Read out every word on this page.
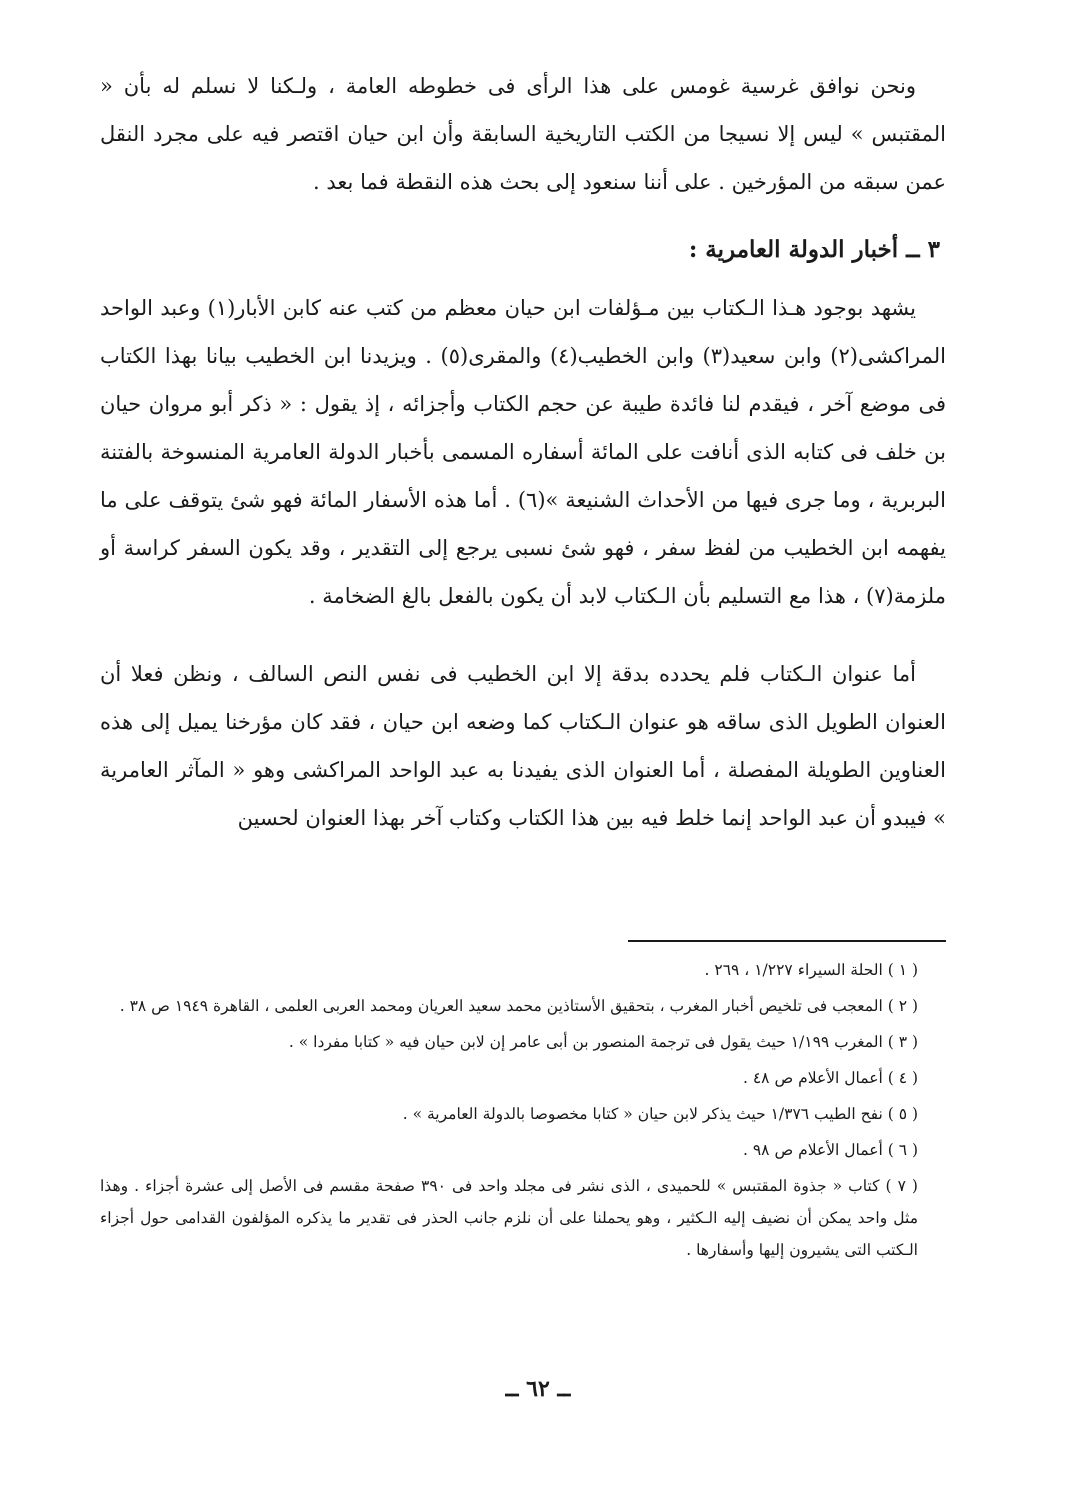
ونحن نوافق غرسية غومس على هذا الرأى فى خطوطه العامة ، ولـكنا لا نسلم له بأن « المقتبس » ليس إلا نسيجا من الكتب التاريخية السابقة وأن ابن حيان اقتصر فيه على مجرد النقل عمن سبقه من المؤرخين . على أننا سنعود إلى بحث هذه النقطة فما بعد .

٣ ــ أخبار الدولة العامرية :

يشهد بوجود هـذا الـكتاب بين مـؤلفات ابن حيان معظم من كتب عنه كابن الأبار(١) وعبد الواحد المراكشى(٢) وابن سعيد(٣) وابن الخطيب(٤) والمقرى(٥) . ويزيدنا ابن الخطيب بيانا بهذا الكتاب فى موضع آخر ، فيقدم لنا فائدة طيبة عن حجم الكتاب وأجزائه ، إذ يقول : « ذكر أبو مروان حيان بن خلف فى كتابه الذى أنافت على المائة أسفاره المسمى بأخبار الدولة العامرية المنسوخة بالفتنة البربرية ، وما جرى فيها من الأحداث الشنيعة »(٦) . أما هذه الأسفار المائة فهو شئ يتوقف على ما يفهمه ابن الخطيب من لفظ سفر ، فهو شئ نسبى يرجع إلى التقدير ، وقد يكون السفر كراسة أو ملزمة(٧) ، هذا مع التسليم بأن الـكتاب لابد أن يكون بالفعل بالغ الضخامة .

أما عنوان الـكتاب فلم يحدده بدقة إلا ابن الخطيب فى نفس النص السالف ، ونظن فعلا أن العنوان الطويل الذى ساقه هو عنوان الـكتاب كما وضعه ابن حيان ، فقد كان مؤرخنا يميل إلى هذه العناوين الطويلة المفصلة ، أما العنوان الذى يفيدنا به عبد الواحد المراكشى وهو « المآثر العامرية » فيبدو أن عبد الواحد إنما خلط فيه بين هذا الكتاب وكتاب آخر بهذا العنوان لحسين

( ١ ) الحلة السيراء ١/٢٢٧ ، ٢٦٩ .

( ٢ ) المعجب فى تلخيص أخبار المغرب ، بتحقيق الأستاذين محمد سعيد العريان ومحمد العربى العلمى ، القاهرة ١٩٤٩ ص ٣٨ .

( ٣ ) المغرب ١/١٩٩ حيث يقول فى ترجمة المنصور بن أبى عامر إن لابن حيان فيه « كتابا مفردا » .

( ٤ ) أعمال الأعلام ص ٤٨ .

( ٥ ) نفح الطيب ١/٣٧٦ حيث يذكر لابن حيان « كتابا مخصوصا بالدولة العامرية » .

( ٦ ) أعمال الأعلام ص ٩٨ .

( ٧ ) كتاب « جذوة المقتبس » للحميدى ، الذى نشر فى مجلد واحد فى ٣٩٠ صفحة مقسم فى الأصل إلى عشرة أجزاء . وهذا مثل واحد يمكن أن نضيف إليه الـكثير ، وهو يحملنا على أن نلزم جانب الحذر فى تقدير ما يذكره المؤلفون القدامى حول أجزاء الـكتب التى يشيرون إليها وأسفارها .

ــ ٦٢ ــ
